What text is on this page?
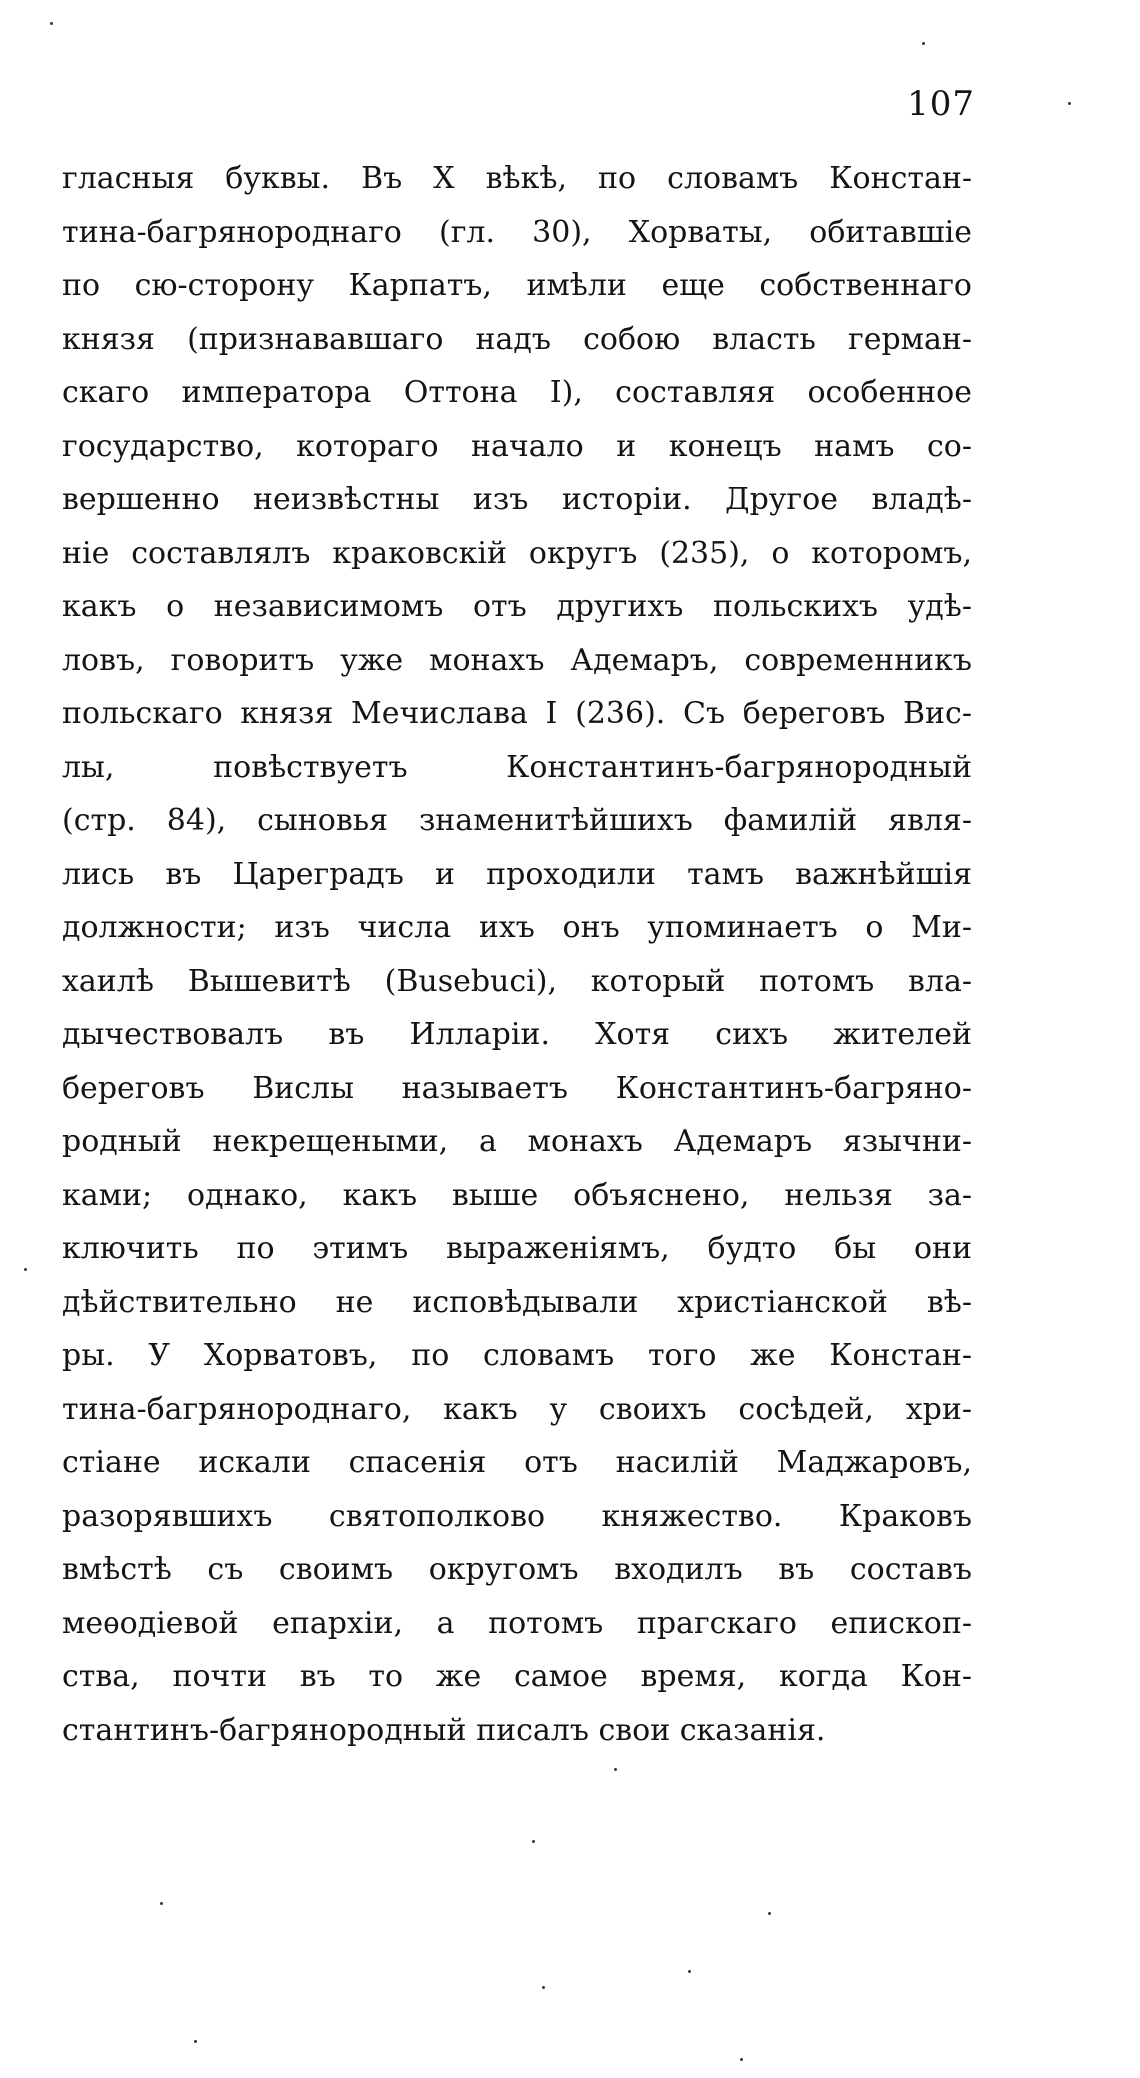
107
гласныя буквы. Въ Х вѣкѣ, по словамъ Констан-
тина-багрянороднаго (гл. 30), Хорваты, обитавшіе
по сю-сторону Карпатъ, имѣли еще собственнаго
князя (признававшаго надъ собою власть герман-
скаго императора Оттона I), составляя особенное
государство, котораго начало и конецъ намъ со-
вершенно неизвѣстны изъ исторіи. Другое владѣ-
ніе составлялъ краковскій округъ (235), о которомъ,
какъ о независимомъ отъ другихъ польскихъ удѣ-
ловъ, говоритъ уже монахъ Адемаръ, современникъ
польскаго князя Мечислава I (236). Съ береговъ Вис-
лы, повѣствуетъ Константинъ-багрянородный
(стр. 84), сыновья знаменитѣйшихъ фамилій явля-
лись въ Цареградъ и проходили тамъ важнѣйшія
должности; изъ числа ихъ онъ упоминаетъ о Ми-
хаилѣ Вышевитѣ (Busebuci), который потомъ вла-
дычествовалъ въ Илларіи. Хотя сихъ жителей
береговъ Вислы называетъ Константинъ-багряно-
родный некрещеными, а монахъ Адемаръ язычни-
ками; однако, какъ выше объяснено, нельзя за-
ключить по этимъ выраженіямъ, будто бы они
дѣйствительно не исповѣдывали христіанской вѣ-
ры. У Хорватовъ, по словамъ того же Констан-
тина-багрянороднаго, какъ у своихъ сосѣдей, хри-
стіане искали спасенія отъ насилій Маджаровъ,
разорявшихъ святополково княжество. Краковъ
вмѣстѣ съ своимъ округомъ входилъ въ составъ
меѳодіевой епархіи, а потомъ прагскаго епископ-
ства, почти въ то же самое время, когда Кон-
стантинъ-багрянородный писалъ свои сказанія.
